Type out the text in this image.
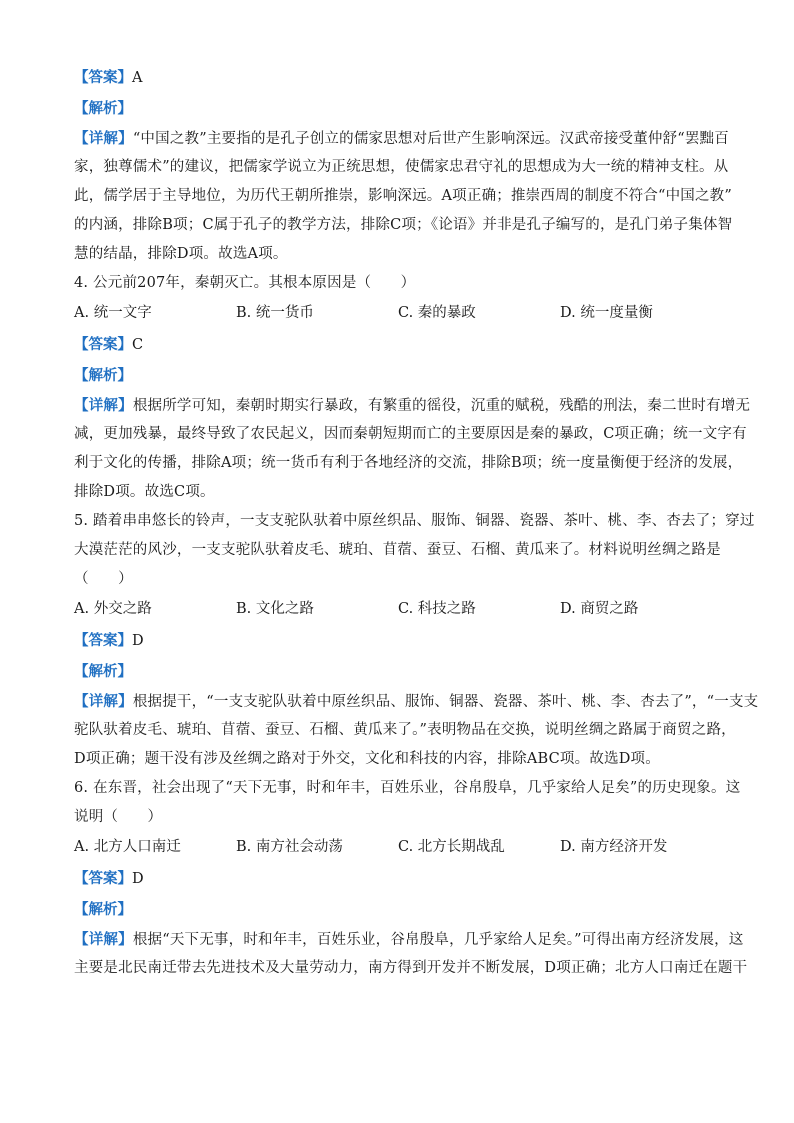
【答案】A
【解析】
【详解】“中国之教”主要指的是孔子创立的儒家思想对后世产生影响深远。汉武帝接受董仲舒“罢黜百
家，独尊儒术”的建议，把儒家学说立为正统思想，使儒家忠君守礼的思想成为大一统的精神支柱。从
此，儒学居于主导地位，为历代王朝所推崇，影响深远。A项正确；推崇西周的制度不符合“中国之教”
的内涵，排除B项；C属于孔子的教学方法，排除C项；《论语》并非是孔子编写的，是孔门弟子集体智
慧的结晶，排除D项。故选A项。
4. 公元前207年，秦朝灭亡。其根本原因是（　　）
A. 统一文字	B. 统一货币	C. 秦的暴政	D. 统一度量衡
【答案】C
【解析】
【详解】根据所学可知，秦朝时期实行暴政，有繁重的徭役，沉重的赋税，残酷的刑法，秦二世时有增无
减，更加残暴，最终导致了农民起义，因而秦朝短期而亡的主要原因是秦的暴政，C项正确；统一文字有
利于文化的传播，排除A项；统一货币有利于各地经济的交流，排除B项；统一度量衡便于经济的发展，
排除D项。故选C项。
5. 踏着串串悠长的铃声，一支支驼队驮着中原丝织品、服饰、铜器、瓷器、茶叶、桃、李、杏去了；穿过
大漠茫茫的风沙，一支支驼队驮着皮毛、琥珀、苜蓿、蚕豆、石榴、黄瓜来了。材料说明丝绸之路是
（　　）
A. 外交之路	B. 文化之路	C. 科技之路	D. 商贸之路
【答案】D
【解析】
【详解】根据提干，“一支支驼队驮着中原丝织品、服饰、铜器、瓷器、茶叶、桃、李、杏去了”，“一支支
驼队驮着皮毛、琥珀、苜蓿、蚕豆、石榴、黄瓜来了。”表明物品在交换，说明丝绸之路属于商贸之路，
D项正确；题干没有涉及丝绸之路对于外交，文化和科技的内容，排除ABC项。故选D项。
6. 在东晋，社会出现了“天下无事，时和年丰，百姓乐业，谷帛殷阜，几乎家给人足矣”的历史现象。这
说明（　　）
A. 北方人口南迁	B. 南方社会动荡	C. 北方长期战乱	D. 南方经济开发
【答案】D
【解析】
【详解】根据“天下无事，时和年丰，百姓乐业，谷帛殷阜，几乎家给人足矣。”可得出南方经济发展，这
主要是北民南迁带去先进技术及大量劳动力，南方得到开发并不断发展，D项正确；北方人口南迁在题干
